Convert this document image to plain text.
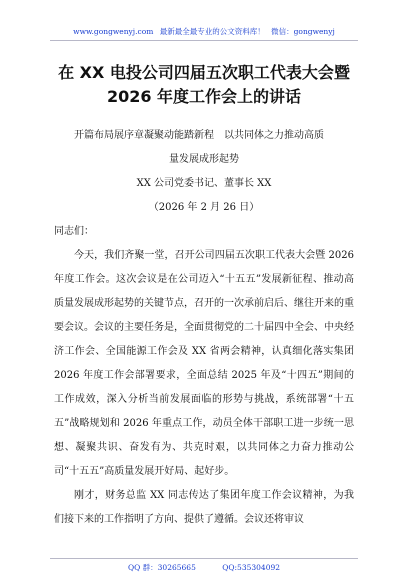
www.gongwenyj.com 最新最全最专业的公文资料库！ 微信：gongwenyj
在 XX 电投公司四届五次职工代表大会暨
2026 年度工作会上的讲话

开篇布局展序章凝聚动能踏新程　以共同体之力推动高质

量发展成形起势

XX 公司党委书记、董事长 XX

（2026 年 2 月 26 日）

同志们：

今天，我们齐聚一堂，召开公司四届五次职工代表大会暨 2026 年度工作会。这次会议是在公司迈入“十五五”发展新征程、推动高质量发展成形起势的关键节点，召开的一次承前启后、继往开来的重要会议。会议的主要任务是，全面贯彻党的二十届四中全会、中央经济工作会、全国能源工作会及 XX 省两会精神，认真细化落实集团 2026 年度工作会部署要求，全面总结 2025 年及“十四五”期间的工作成效，深入分析当前发展面临的形势与挑战，系统部署“十五五”战略规划和 2026 年重点工作，动员全体干部职工进一步统一思想、凝聚共识、奋发有为、共克时艰，以共同体之力奋力推动公司“十五五”高质量发展开好局、起好步。

刚才，财务总监 XX 同志传达了集团年度工作会议精神，为我们接下来的工作指明了方向、提供了遵循。会议还将审议

QQ 群：30265665	QQ:535304092
